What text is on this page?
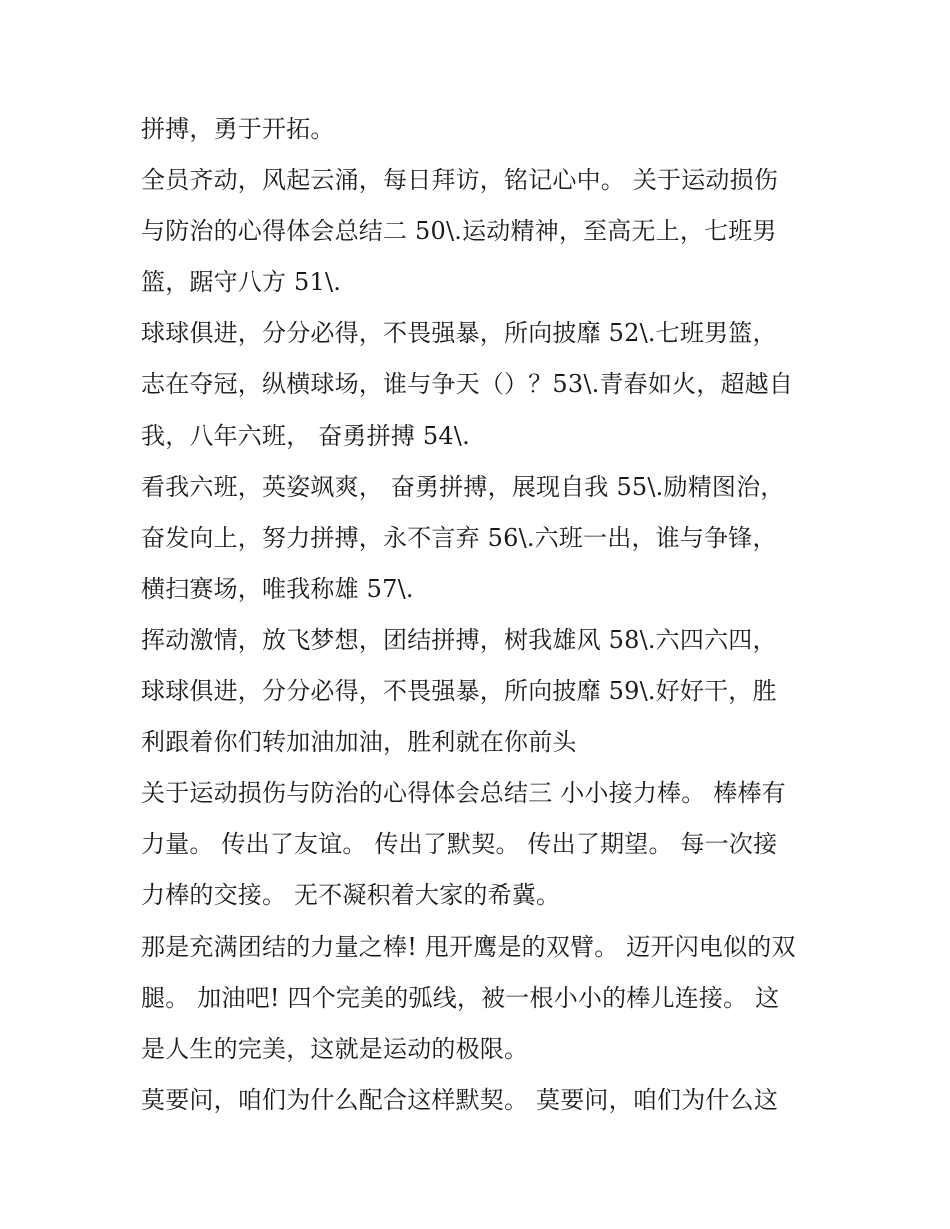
拼搏，勇于开拓。

全员齐动，风起云涌，每日拜访，铭记心中。 关于运动损伤
与防治的心得体会总结二 50\.运动精神，至高无上，七班男
篮，踞守八方 51\.

球球俱进，分分必得，不畏强暴，所向披靡 52\.七班男篮，
志在夺冠，纵横球场，谁与争天（）？53\.青春如火，超越自
我，八年六班， 奋勇拼搏 54\.

看我六班，英姿飒爽， 奋勇拼搏，展现自我 55\.励精图治，
奋发向上，努力拼搏，永不言弃 56\.六班一出，谁与争锋，
横扫赛场，唯我称雄 57\.

挥动激情，放飞梦想，团结拼搏，树我雄风 58\.六四六四，
球球俱进，分分必得，不畏强暴，所向披靡 59\.好好干，胜
利跟着你们转加油加油，胜利就在你前头

关于运动损伤与防治的心得体会总结三 小小接力棒。 棒棒有
力量。 传出了友谊。 传出了默契。 传出了期望。 每一次接
力棒的交接。 无不凝积着大家的希冀。

那是充满团结的力量之棒! 甩开鹰是的双臂。 迈开闪电似的双
腿。 加油吧! 四个完美的弧线，被一根小小的棒儿连接。 这
是人生的完美，这就是运动的极限。

莫要问，咱们为什么配合这样默契。 莫要问，咱们为什么这
